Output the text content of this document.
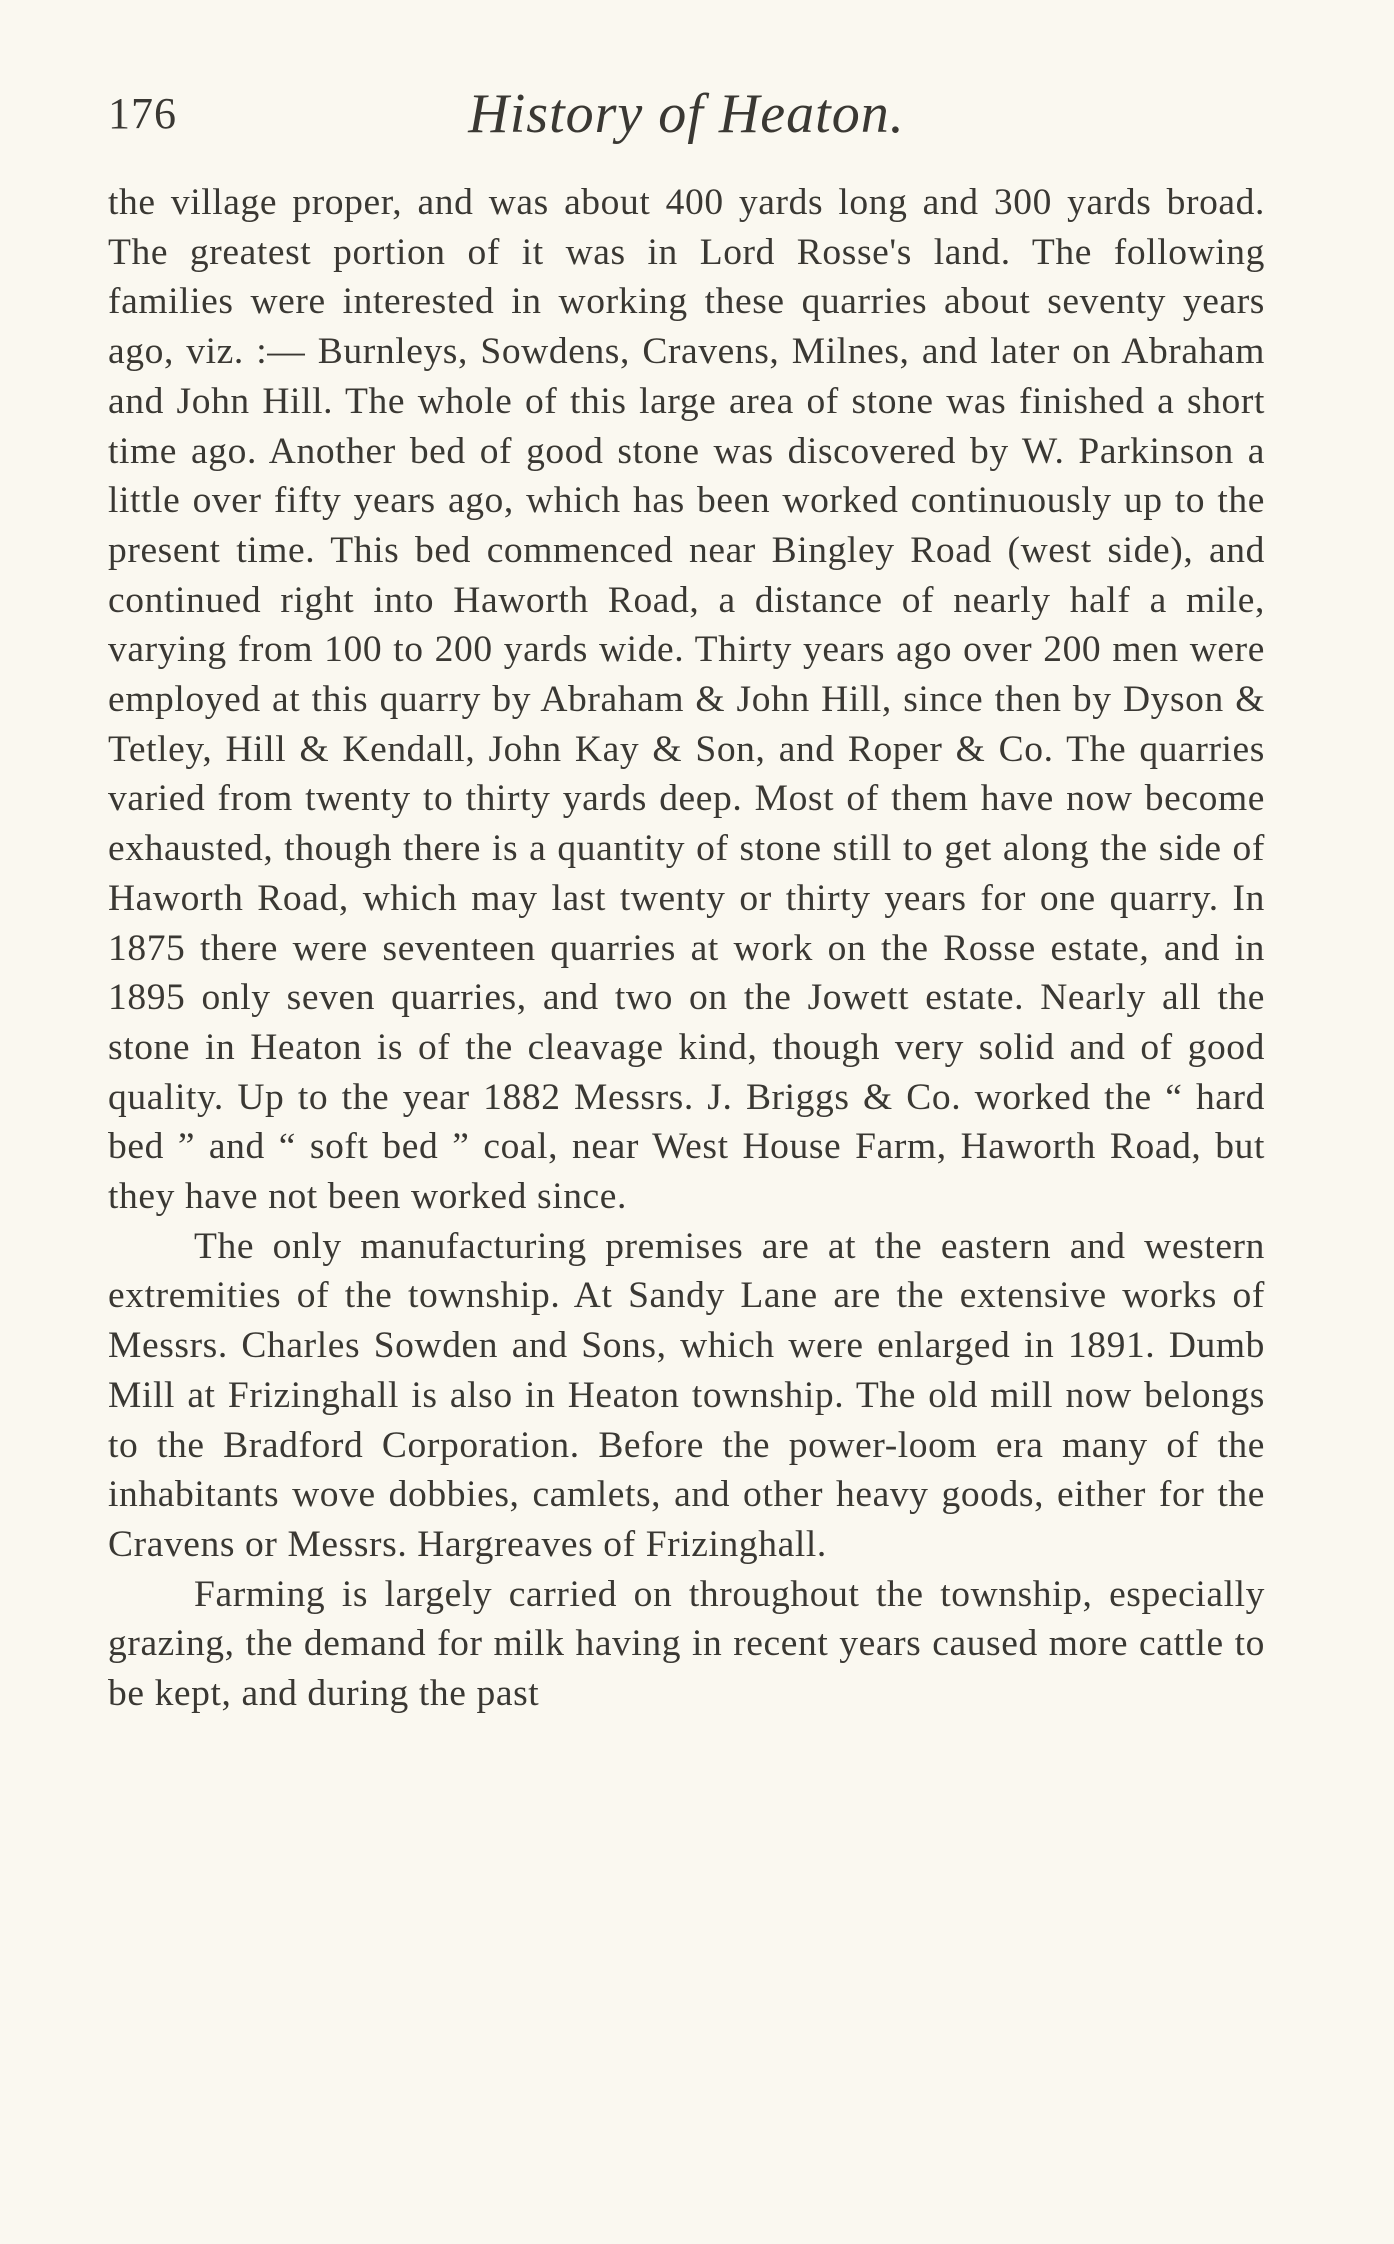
176	History of Heaton.

the village proper, and was about 400 yards long and 300 yards broad. The greatest portion of it was in Lord Rosse's land. The following families were interested in working these quarries about seventy years ago, viz. :— Burnleys, Sowdens, Cravens, Milnes, and later on Abraham and John Hill. The whole of this large area of stone was finished a short time ago. Another bed of good stone was discovered by W. Parkinson a little over fifty years ago, which has been worked continuously up to the present time. This bed commenced near Bingley Road (west side), and continued right into Haworth Road, a distance of nearly half a mile, varying from 100 to 200 yards wide. Thirty years ago over 200 men were employed at this quarry by Abraham & John Hill, since then by Dyson & Tetley, Hill & Kendall, John Kay & Son, and Roper & Co. The quarries varied from twenty to thirty yards deep. Most of them have now become exhausted, though there is a quantity of stone still to get along the side of Haworth Road, which may last twenty or thirty years for one quarry. In 1875 there were seventeen quarries at work on the Rosse estate, and in 1895 only seven quarries, and two on the Jowett estate. Nearly all the stone in Heaton is of the cleavage kind, though very solid and of good quality. Up to the year 1882 Messrs. J. Briggs & Co. worked the “ hard bed ” and “ soft bed ” coal, near West House Farm, Haworth Road, but they have not been worked since.

The only manufacturing premises are at the eastern and western extremities of the township. At Sandy Lane are the extensive works of Messrs. Charles Sowden and Sons, which were enlarged in 1891. Dumb Mill at Frizinghall is also in Heaton township. The old mill now belongs to the Bradford Corporation. Before the power-loom era many of the inhabitants wove dobbies, camlets, and other heavy goods, either for the Cravens or Messrs. Hargreaves of Frizinghall.

Farming is largely carried on throughout the township, especially grazing, the demand for milk having in recent years caused more cattle to be kept, and during the past
